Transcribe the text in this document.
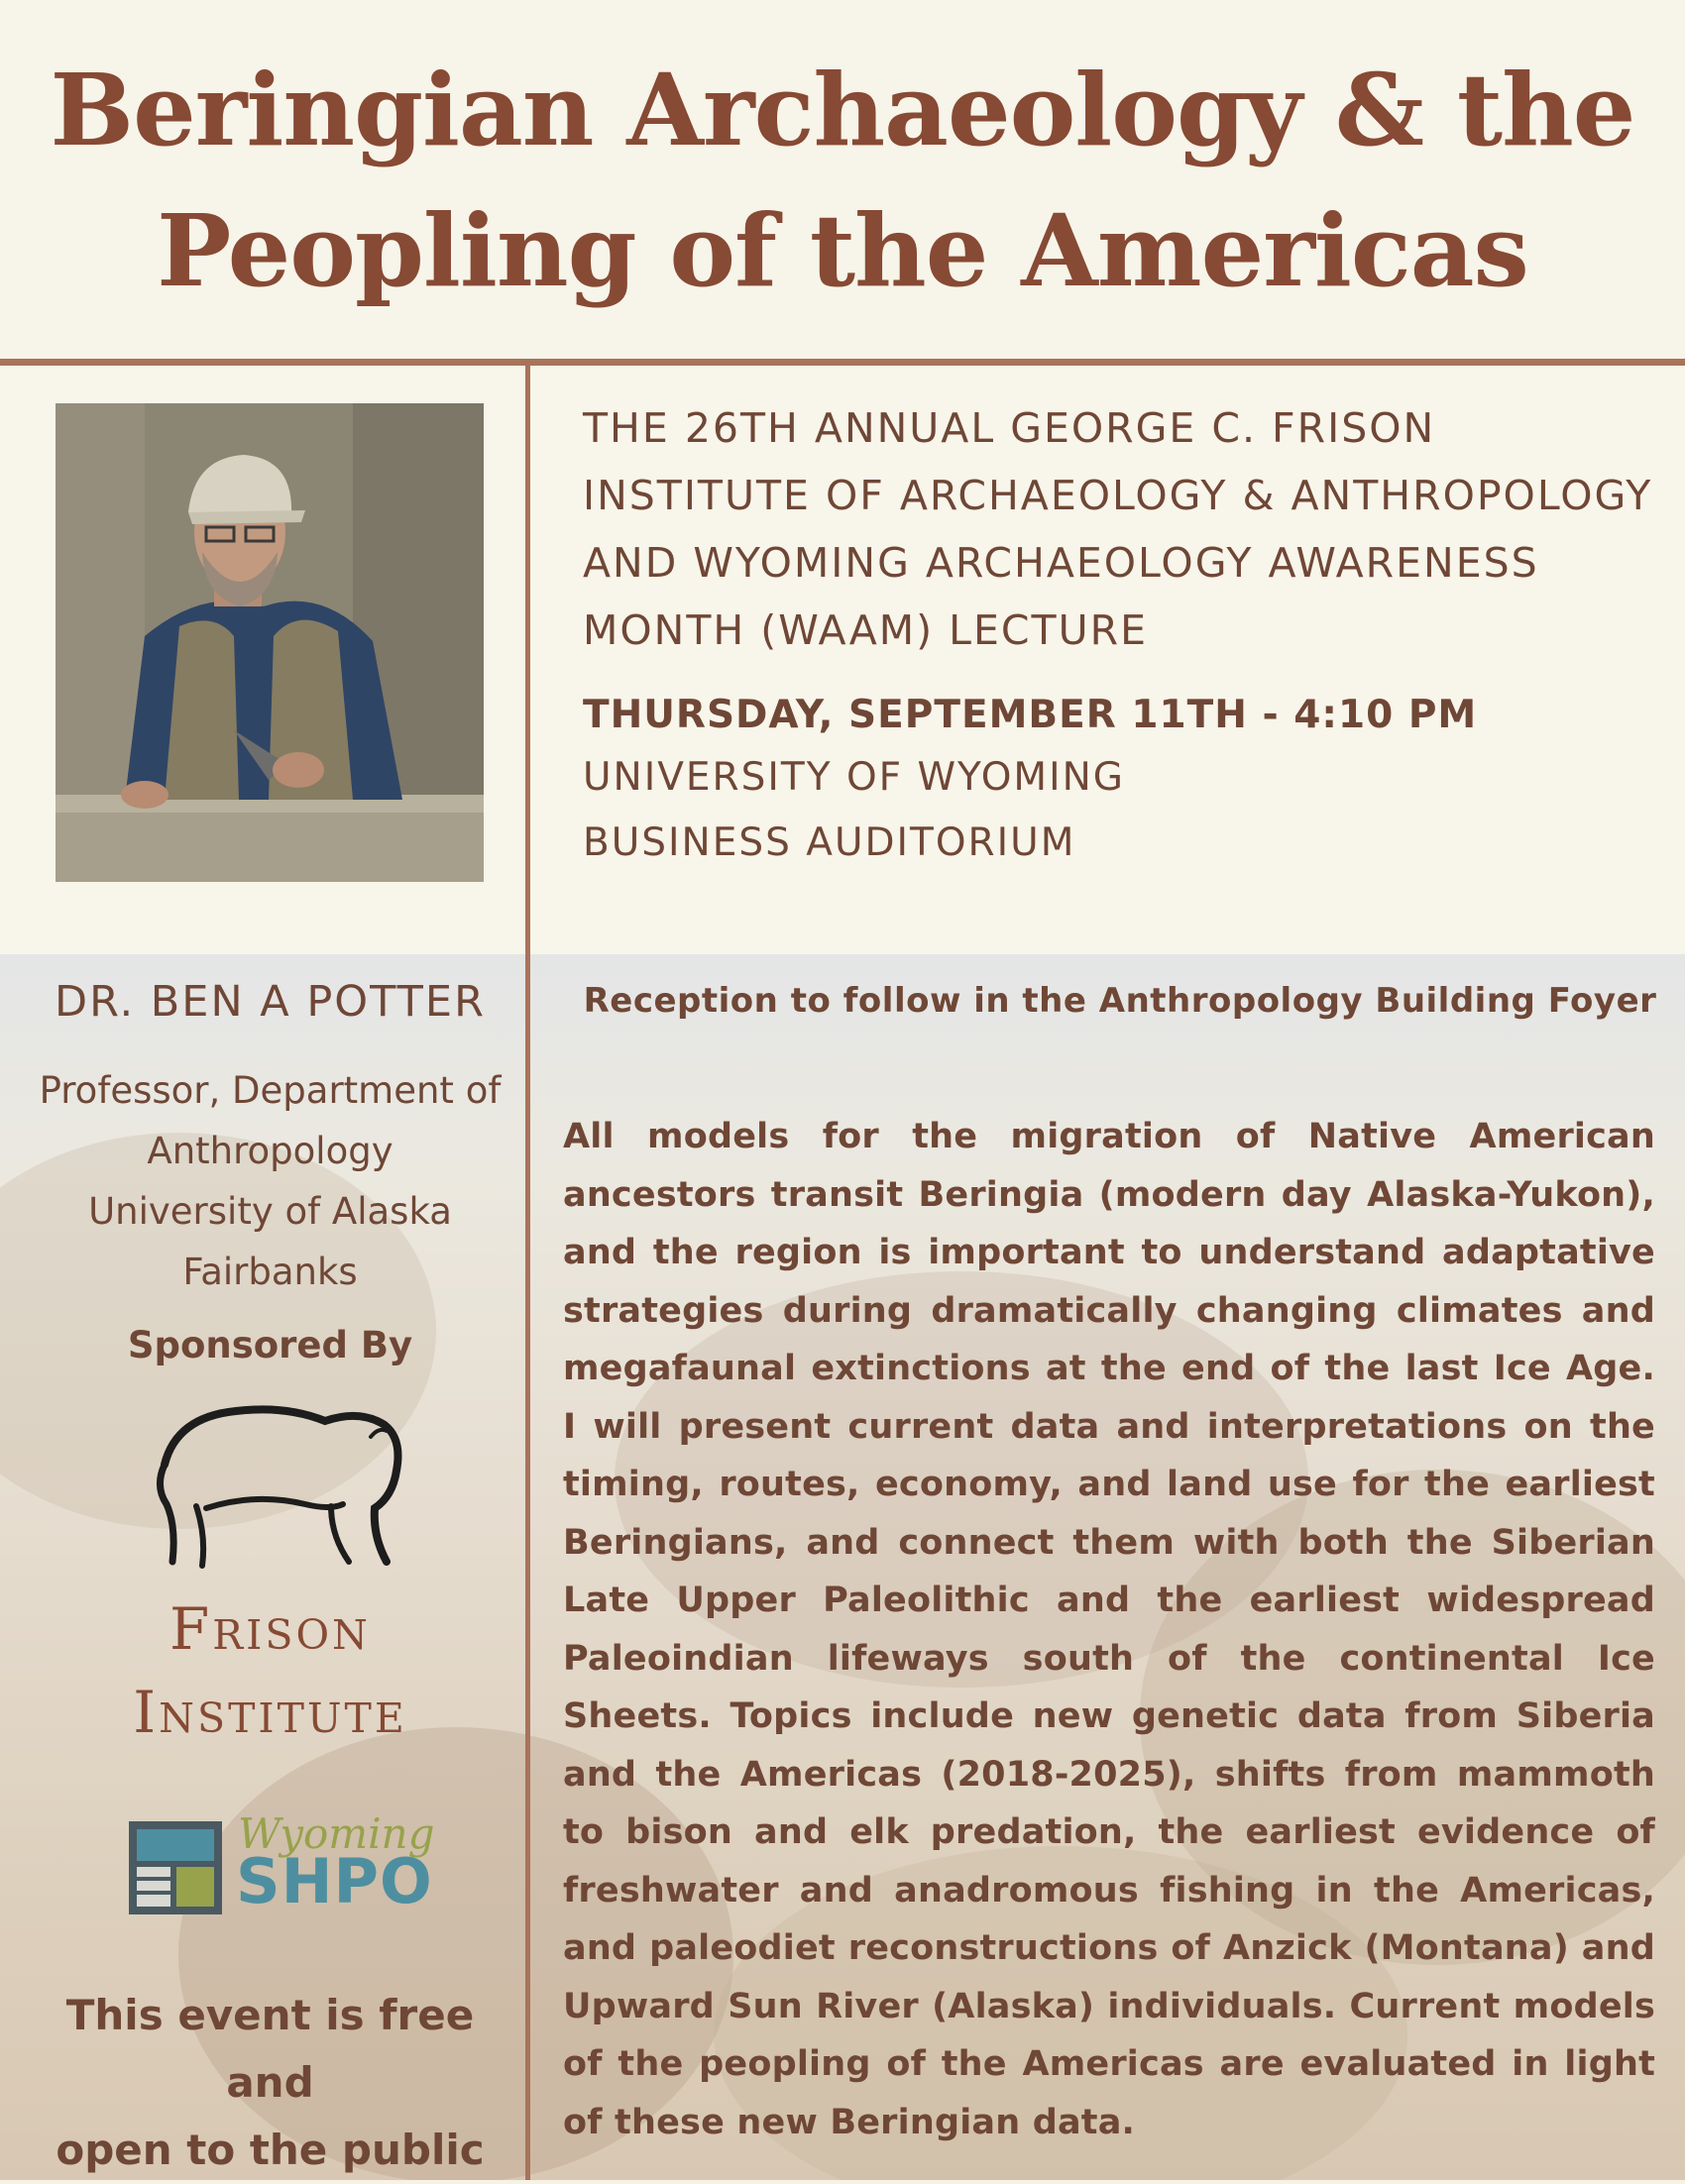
Beringian Archaeology & the
Peopling of the Americas

THE 26TH ANNUAL GEORGE C. FRISON INSTITUTE OF ARCHAEOLOGY & ANTHROPOLOGY AND WYOMING ARCHAEOLOGY AWARENESS MONTH (WAAM) LECTURE

THURSDAY, SEPTEMBER 11TH - 4:10 PM

UNIVERSITY OF WYOMING
BUSINESS AUDITORIUM

DR. BEN A POTTER
Professor, Department of
Anthropology
University of Alaska
Fairbanks
Sponsored By
Frison
Institute
Wyoming
SHPO
This event is free and
open to the public
Reception to follow in the Anthropology Building Foyer

All models for the migration of Native American ancestors transit Beringia (modern day Alaska-Yukon), and the region is important to understand adaptative strategies during dramatically changing climates and megafaunal extinctions at the end of the last Ice Age. I will present current data and interpretations on the timing, routes, economy, and land use for the earliest Beringians, and connect them with both the Siberian Late Upper Paleolithic and the earliest widespread Paleoindian lifeways south of the continental Ice Sheets. Topics include new genetic data from Siberia and the Americas (2018-2025), shifts from mammoth to bison and elk predation, the earliest evidence of freshwater and anadromous fishing in the Americas, and paleodiet reconstructions of Anzick (Montana) and Upward Sun River (Alaska) individuals. Current models of the peopling of the Americas are evaluated in light of these new Beringian data.
